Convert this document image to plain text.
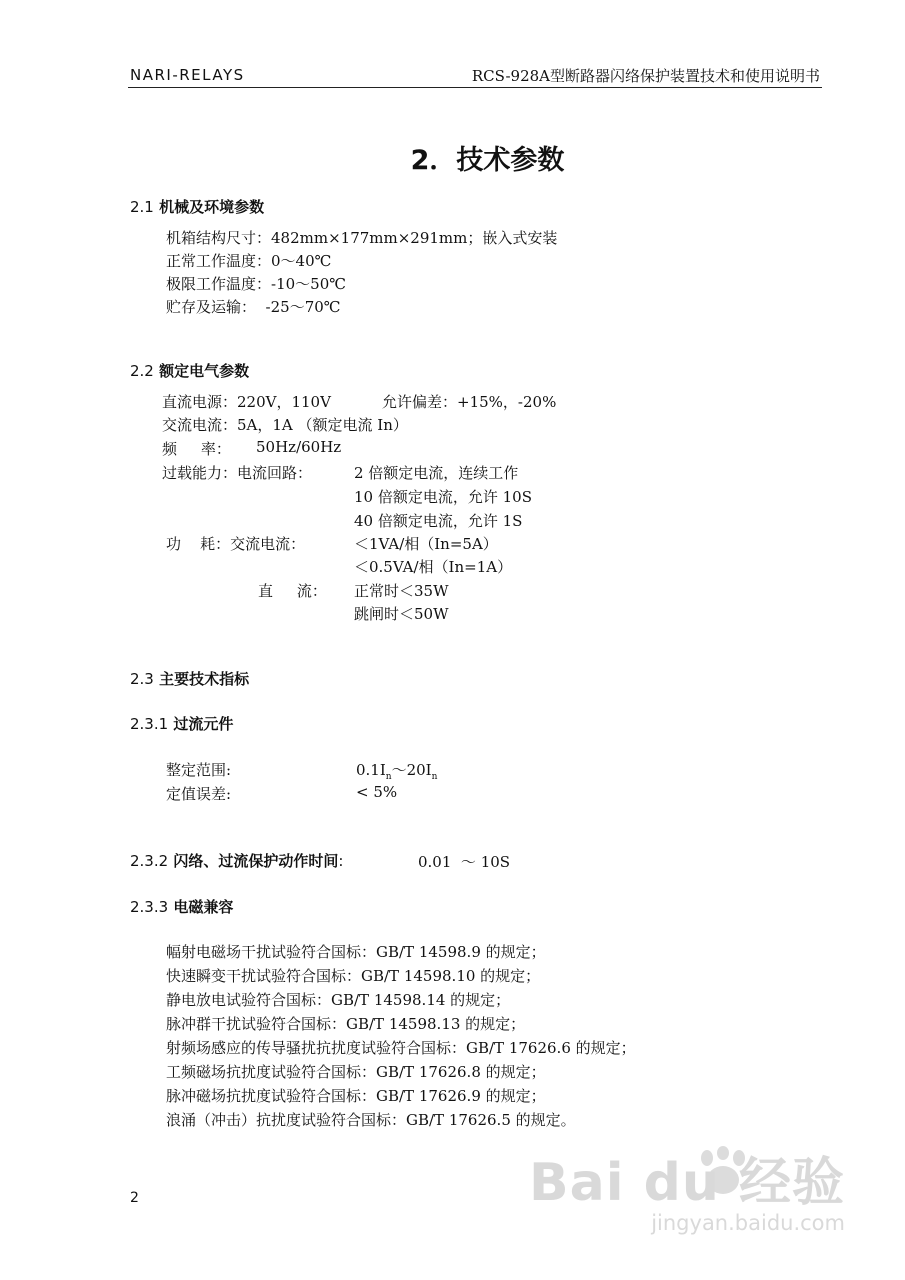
NARI-RELAYS	RCS-928A型断路器闪络保护装置技术和使用说明书
2．技术参数
2.1 机械及环境参数
机箱结构尺寸：482mm×177mm×291mm；嵌入式安装
正常工作温度：0～40℃
极限工作温度：-10～50℃
贮存及运输：  -25～70℃
2.2 额定电气参数
直流电源：220V，110V	允许偏差：+15%，-20%
交流电流：5A，1A （额定电流 In）
频     率： 50Hz/60Hz
过载能力：电流回路：	2 倍额定电流，连续工作
10 倍额定电流，允许 10S
40 倍额定电流，允许 1S
功    耗：交流电流：	＜1VA/相（In=5A）
＜0.5VA/相（In=1A）
直     流： 正常时＜35W
跳闸时＜50W
2.3 主要技术指标
2.3.1 过流元件
整定范围:	$0.1I_n\sim 20I_n$
定值误差:	< 5%
2.3.2 闪络、过流保护动作时间:	0.01  ～ 10S
2.3.3 电磁兼容
幅射电磁场干扰试验符合国标：GB/T 14598.9 的规定；
快速瞬变干扰试验符合国标：GB/T 14598.10 的规定；
静电放电试验符合国标：GB/T 14598.14 的规定；
脉冲群干扰试验符合国标：GB/T 14598.13 的规定；
射频场感应的传导骚扰抗扰度试验符合国标：GB/T 17626.6 的规定；
工频磁场抗扰度试验符合国标：GB/T 17626.8 的规定；
脉冲磁场抗扰度试验符合国标：GB/T 17626.9 的规定；
浪涌（冲击）抗扰度试验符合国标：GB/T 17626.5 的规定。
2	Bai du 经验
jingyan.baidu.com
